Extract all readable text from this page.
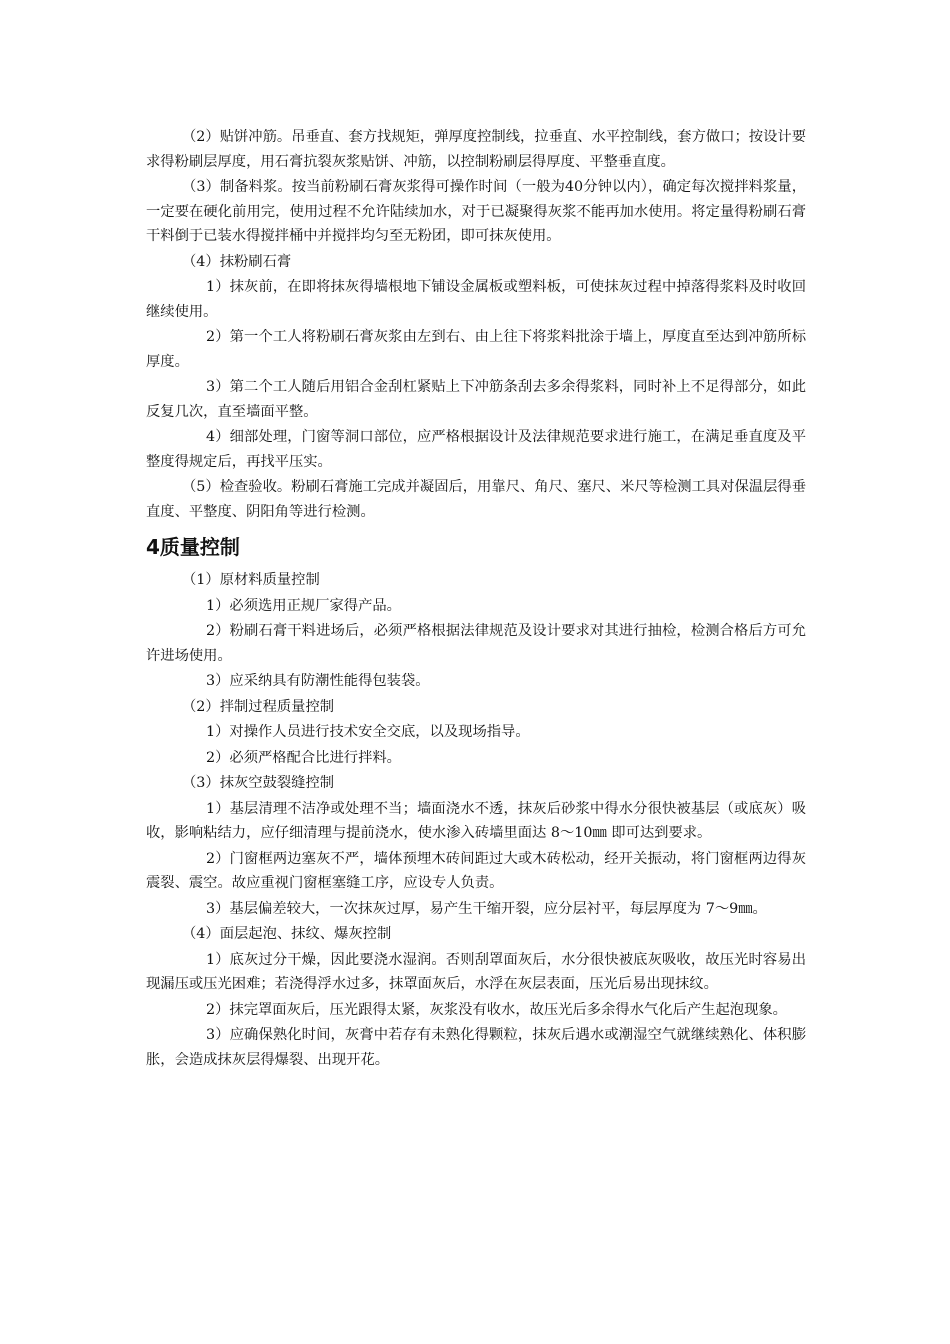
（2）贴饼冲筋。吊垂直、套方找规矩，弹厚度控制线，拉垂直、水平控制线，套方做口；按设计要求得粉刷层厚度，用石膏抗裂灰浆贴饼、冲筋，以控制粉刷层得厚度、平整垂直度。

（3）制备料浆。按当前粉刷石膏灰浆得可操作时间（一般为40分钟以内），确定每次搅拌料浆量，一定要在硬化前用完，使用过程不允许陆续加水，对于已凝聚得灰浆不能再加水使用。将定量得粉刷石膏干料倒于已装水得搅拌桶中并搅拌均匀至无粉团，即可抹灰使用。

（4）抹粉刷石膏

1）抹灰前，在即将抹灰得墙根地下铺设金属板或塑料板，可使抹灰过程中掉落得浆料及时收回继续使用。

2）第一个工人将粉刷石膏灰浆由左到右、由上往下将浆料批涂于墙上，厚度直至达到冲筋所标厚度。

3）第二个工人随后用铝合金刮杠紧贴上下冲筋条刮去多余得浆料，同时补上不足得部分，如此反复几次，直至墙面平整。

4）细部处理，门窗等洞口部位，应严格根据设计及法律规范要求进行施工，在满足垂直度及平整度得规定后，再找平压实。

（5）检查验收。粉刷石膏施工完成并凝固后，用靠尺、角尺、塞尺、米尺等检测工具对保温层得垂直度、平整度、阴阳角等进行检测。

4质量控制

（1）原材料质量控制

1）必须选用正规厂家得产品。

2）粉刷石膏干料进场后，必须严格根据法律规范及设计要求对其进行抽检，检测合格后方可允许进场使用。

3）应采纳具有防潮性能得包装袋。

（2）拌制过程质量控制

1）对操作人员进行技术安全交底，以及现场指导。

2）必须严格配合比进行拌料。

（3）抹灰空鼓裂缝控制

1）基层清理不洁净或处理不当；墙面浇水不透，抹灰后砂浆中得水分很快被基层（或底灰）吸收，影响粘结力，应仔细清理与提前浇水，使水渗入砖墙里面达 8～10㎜ 即可达到要求。

2）门窗框两边塞灰不严，墙体预埋木砖间距过大或木砖松动，经开关振动，将门窗框两边得灰震裂、震空。故应重视门窗框塞缝工序，应设专人负责。

3）基层偏差较大，一次抹灰过厚，易产生干缩开裂，应分层衬平，每层厚度为 7～9㎜。

（4）面层起泡、抹纹、爆灰控制

1）底灰过分干燥，因此要浇水湿润。否则刮罩面灰后，水分很快被底灰吸收，故压光时容易出现漏压或压光困难；若浇得浮水过多，抹罩面灰后，水浮在灰层表面，压光后易出现抹纹。

2）抹完罩面灰后，压光跟得太紧，灰浆没有收水，故压光后多余得水气化后产生起泡现象。

3）应确保熟化时间，灰膏中若存有未熟化得颗粒，抹灰后遇水或潮湿空气就继续熟化、体积膨胀，会造成抹灰层得爆裂、出现开花。
